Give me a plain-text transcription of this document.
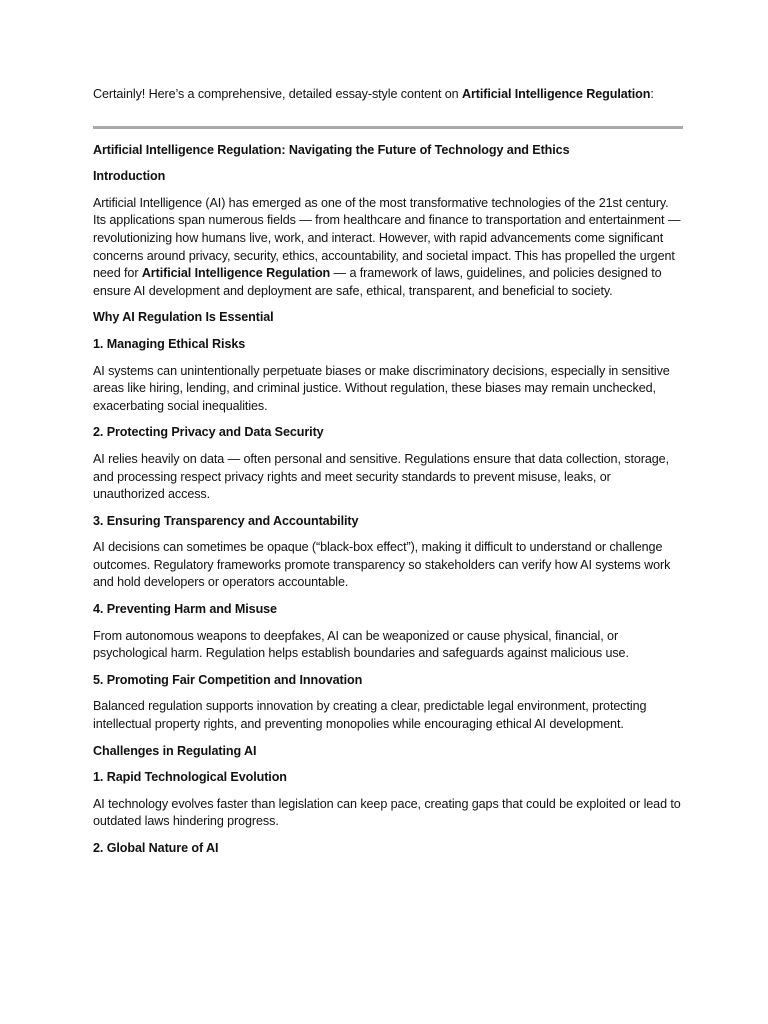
Certainly! Here’s a comprehensive, detailed essay-style content on Artificial Intelligence Regulation:

Artificial Intelligence Regulation: Navigating the Future of Technology and Ethics

Introduction

Artificial Intelligence (AI) has emerged as one of the most transformative technologies of the 21st century. Its applications span numerous fields — from healthcare and finance to transportation and entertainment — revolutionizing how humans live, work, and interact. However, with rapid advancements come significant concerns around privacy, security, ethics, accountability, and societal impact. This has propelled the urgent need for Artificial Intelligence Regulation — a framework of laws, guidelines, and policies designed to ensure AI development and deployment are safe, ethical, transparent, and beneficial to society.

Why AI Regulation Is Essential

1. Managing Ethical Risks

AI systems can unintentionally perpetuate biases or make discriminatory decisions, especially in sensitive areas like hiring, lending, and criminal justice. Without regulation, these biases may remain unchecked, exacerbating social inequalities.

2. Protecting Privacy and Data Security

AI relies heavily on data — often personal and sensitive. Regulations ensure that data collection, storage, and processing respect privacy rights and meet security standards to prevent misuse, leaks, or unauthorized access.

3. Ensuring Transparency and Accountability

AI decisions can sometimes be opaque (“black-box effect”), making it difficult to understand or challenge outcomes. Regulatory frameworks promote transparency so stakeholders can verify how AI systems work and hold developers or operators accountable.

4. Preventing Harm and Misuse

From autonomous weapons to deepfakes, AI can be weaponized or cause physical, financial, or psychological harm. Regulation helps establish boundaries and safeguards against malicious use.

5. Promoting Fair Competition and Innovation

Balanced regulation supports innovation by creating a clear, predictable legal environment, protecting intellectual property rights, and preventing monopolies while encouraging ethical AI development.

Challenges in Regulating AI

1. Rapid Technological Evolution

AI technology evolves faster than legislation can keep pace, creating gaps that could be exploited or lead to outdated laws hindering progress.

2. Global Nature of AI
